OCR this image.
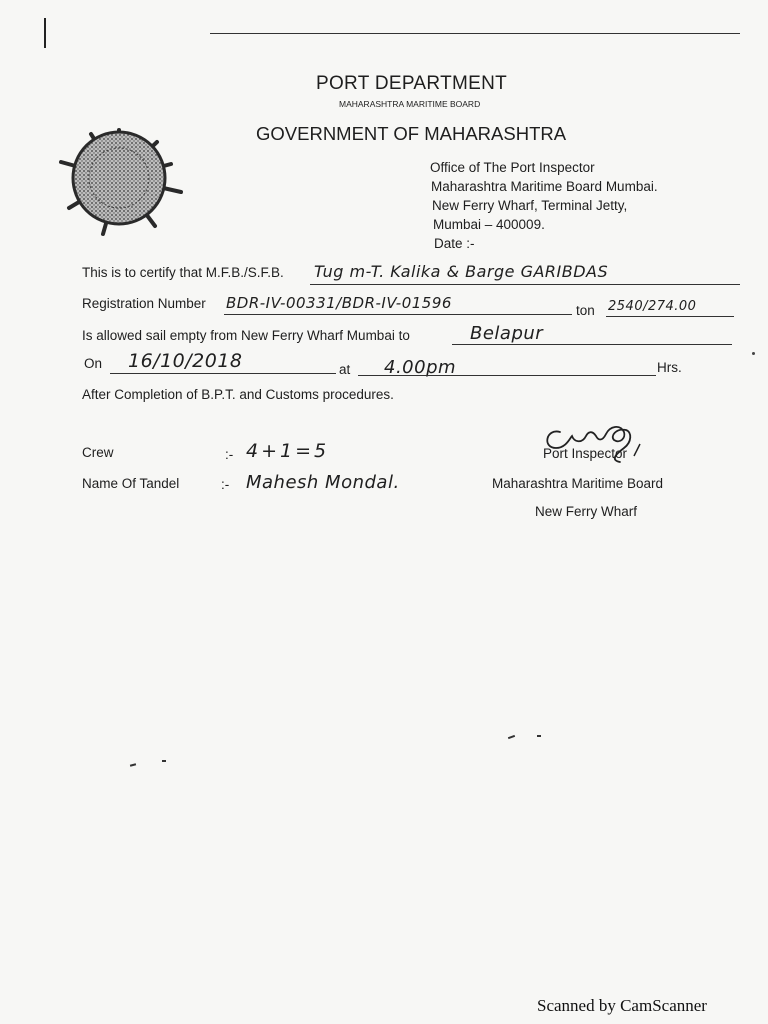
PORT DEPARTMENT
MAHARASHTRA MARITIME BOARD
GOVERNMENT OF MAHARASHTRA
Office of The Port Inspector
Maharashtra Maritime Board Mumbai.
New Ferry Wharf, Terminal Jetty,
Mumbai – 400009.
Date :-
This is to certify that M.F.B./S.F.B. Tug m-T. Kalika & Barge GARIBDAS
Registration Number BDR-IV-00331/BDR-IV-01596	ton 2540/274.00
Is allowed sail empty from New Ferry Wharf Mumbai to	Belapur
On 16/10/2018	at 4.00pm	Hrs.
After Completion of B.P.T. and Customs procedures.
Crew	:- 4+1=5
Name Of Tandel	:- Mahesh Mondal.
Port Inspector
Maharashtra Maritime Board
New Ferry Wharf
Scanned by CamScanner
